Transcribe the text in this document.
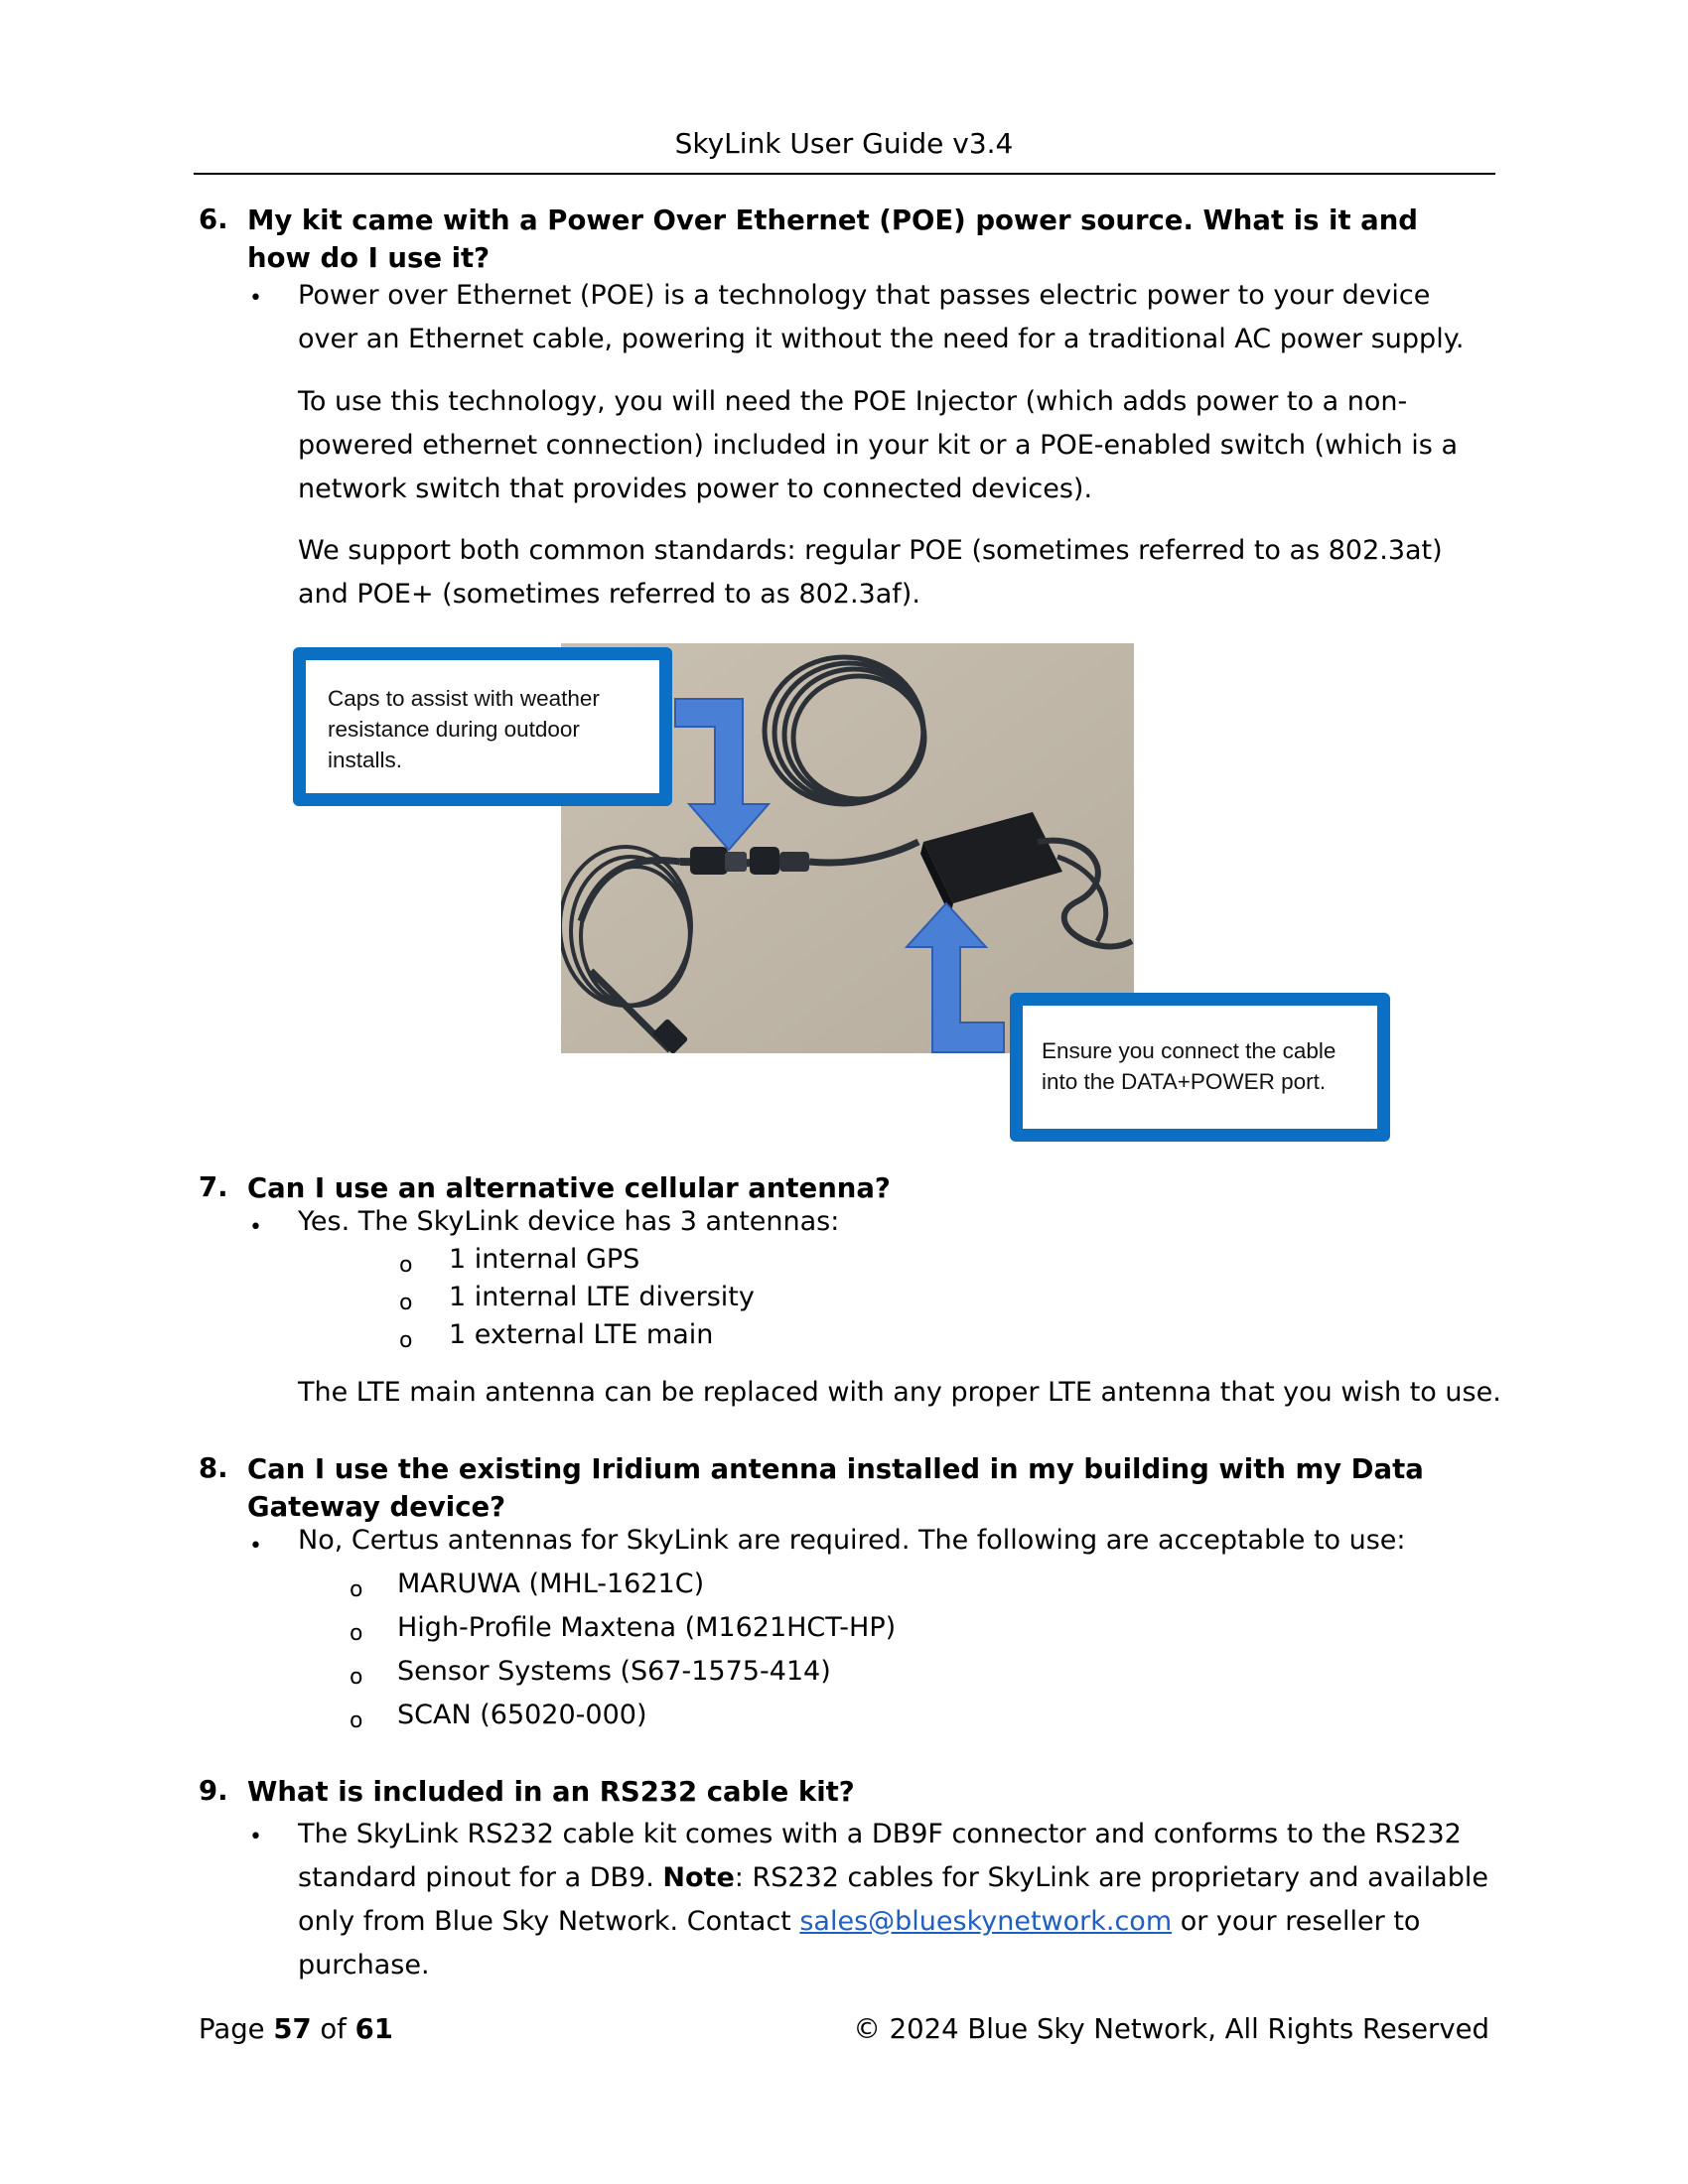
SkyLink User Guide v3.4
6. My kit came with a Power Over Ethernet (POE) power source. What is it and how do I use it?
• Power over Ethernet (POE) is a technology that passes electric power to your device over an Ethernet cable, powering it without the need for a traditional AC power supply.
To use this technology, you will need the POE Injector (which adds power to a non-powered ethernet connection) included in your kit or a POE-enabled switch (which is a network switch that provides power to connected devices).
We support both common standards: regular POE (sometimes referred to as 802.3at) and POE+ (sometimes referred to as 802.3af).
Caps to assist with weather resistance during outdoor installs.
Ensure you connect the cable into the DATA+POWER port.
7. Can I use an alternative cellular antenna?
• Yes. The SkyLink device has 3 antennas:
o 1 internal GPS
o 1 internal LTE diversity
o 1 external LTE main
The LTE main antenna can be replaced with any proper LTE antenna that you wish to use.
8. Can I use the existing Iridium antenna installed in my building with my Data Gateway device?
• No, Certus antennas for SkyLink are required. The following are acceptable to use:
o MARUWA (MHL-1621C)
o High-Profile Maxtena (M1621HCT-HP)
o Sensor Systems (S67-1575-414)
o SCAN (65020-000)
9. What is included in an RS232 cable kit?
• The SkyLink RS232 cable kit comes with a DB9F connector and conforms to the RS232 standard pinout for a DB9. Note: RS232 cables for SkyLink are proprietary and available only from Blue Sky Network. Contact sales@blueskynetwork.com or your reseller to purchase.
Page 57 of 61	© 2024 Blue Sky Network, All Rights Reserved
